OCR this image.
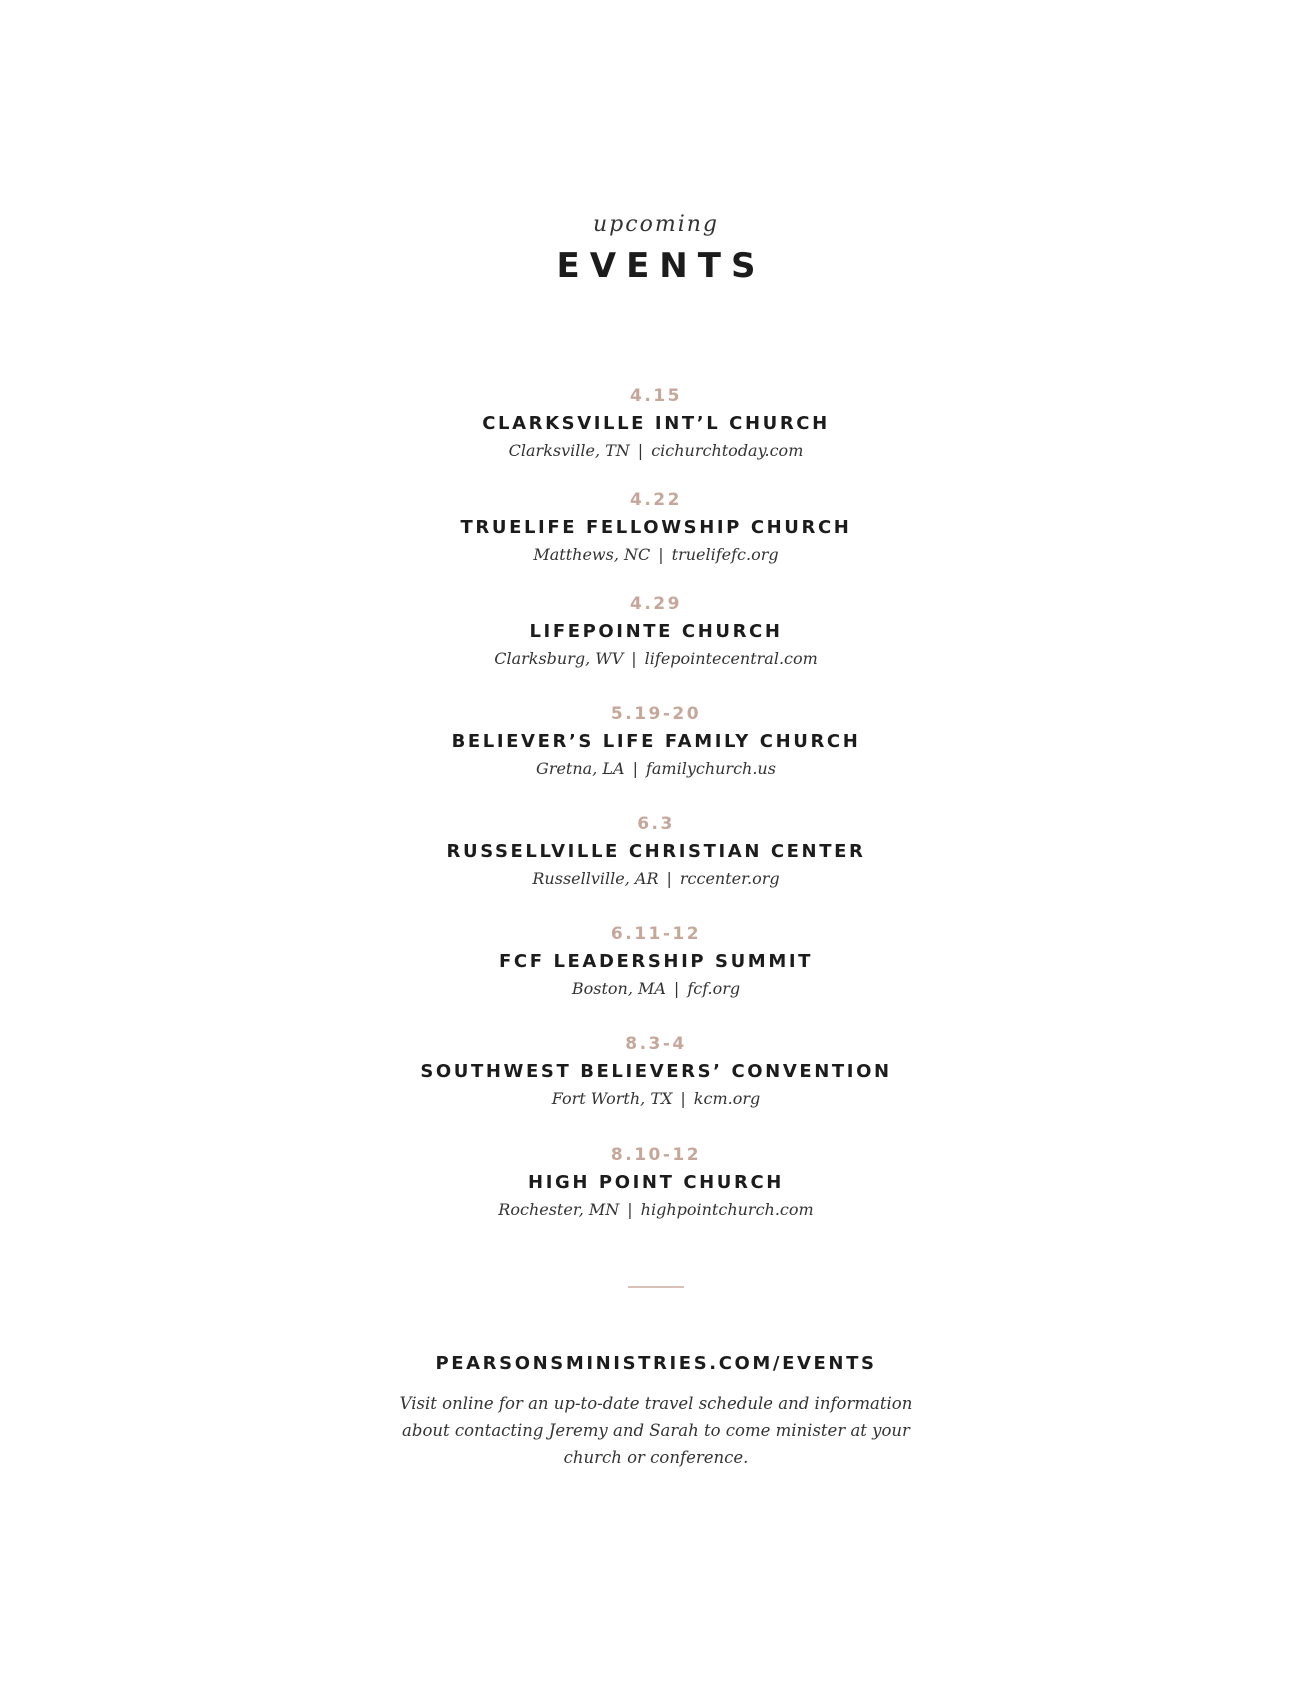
upcoming
EVENTS
4.15
CLARKSVILLE INT’L CHURCH
Clarksville, TN | cichurchtoday.com
4.22
TRUELIFE FELLOWSHIP CHURCH
Matthews, NC | truelifefc.org
4.29
LIFEPOINTE CHURCH
Clarksburg, WV | lifepointecentral.com
5.19-20
BELIEVER’S LIFE FAMILY CHURCH
Gretna, LA | familychurch.us
6.3
RUSSELLVILLE CHRISTIAN CENTER
Russellville, AR | rccenter.org
6.11-12
FCF LEADERSHIP SUMMIT
Boston, MA | fcf.org
8.3-4
SOUTHWEST BELIEVERS’ CONVENTION
Fort Worth, TX | kcm.org
8.10-12
HIGH POINT CHURCH
Rochester, MN | highpointchurch.com
PEARSONSMINISTRIES.COM/EVENTS
Visit online for an up-to-date travel schedule and information about contacting Jeremy and Sarah to come minister at your church or conference.
